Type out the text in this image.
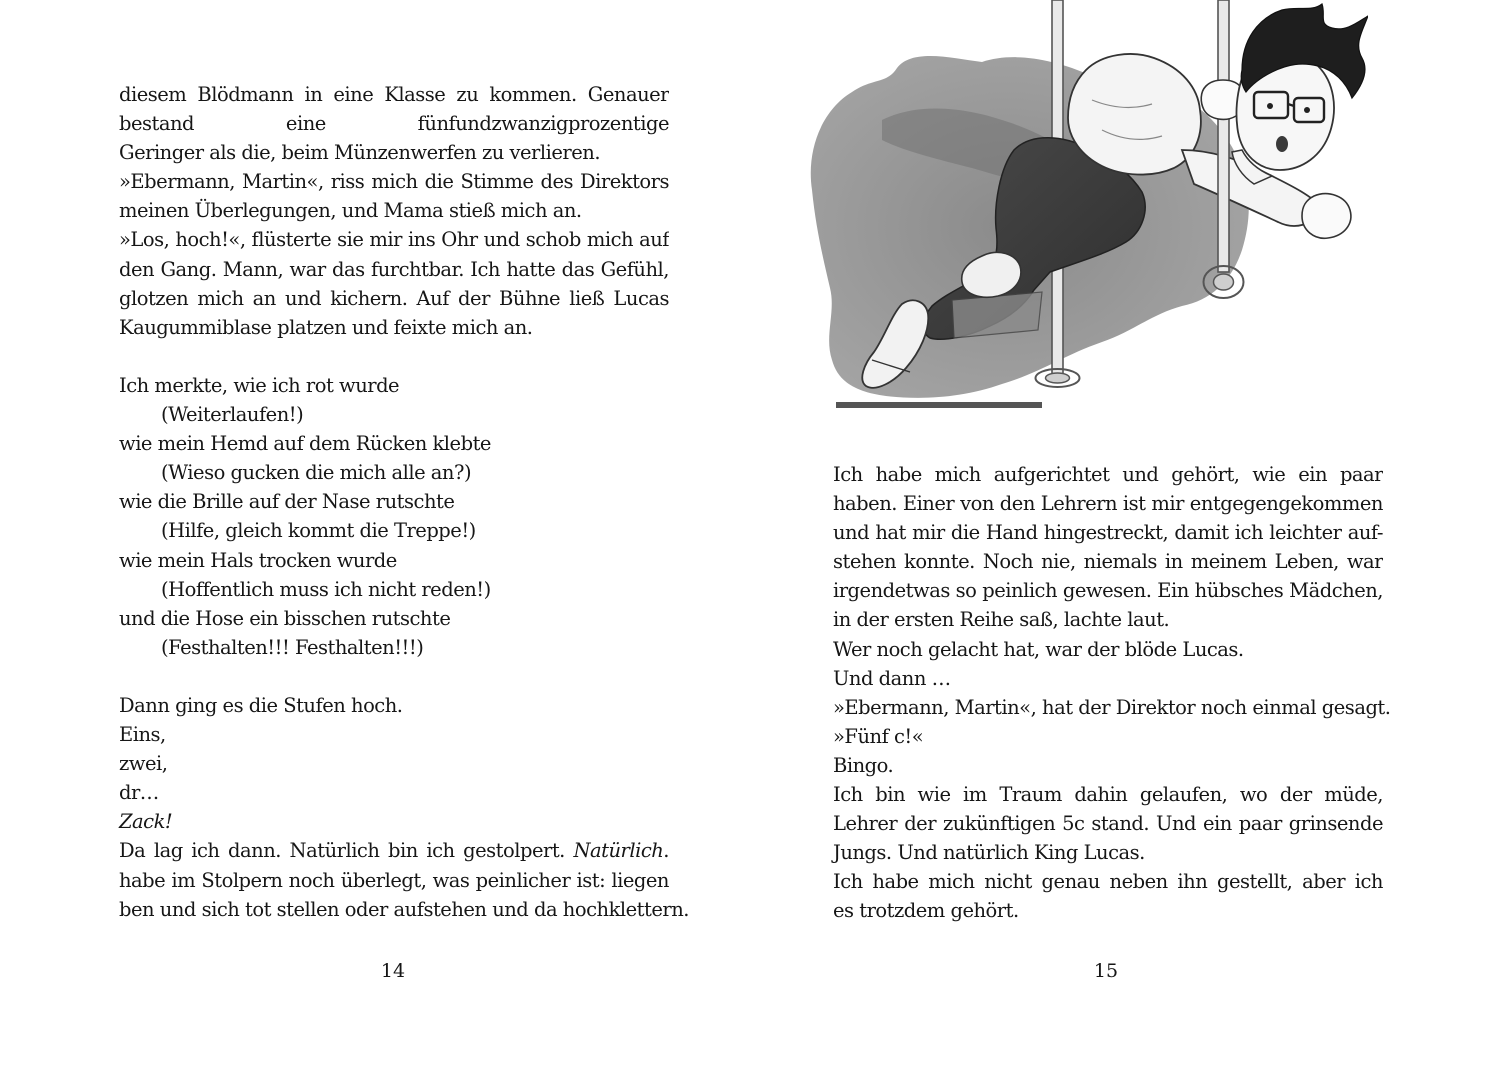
diesem Blödmann in eine Klasse zu kommen. Genauer
bestand eine fünfundzwanzigprozentige
Geringer als die, beim Münzenwerfen zu verlieren.
»Ebermann, Martin«, riss mich die Stimme des Direktors
meinen Überlegungen, und Mama stieß mich an.
»Los, hoch!«, flüsterte sie mir ins Ohr und schob mich auf
den Gang. Mann, war das furchtbar. Ich hatte das Gefühl,
glotzen mich an und kichern. Auf der Bühne ließ Lucas
Kaugummiblase platzen und feixte mich an.
Ich merkte, wie ich rot wurde
(Weiterlaufen!)
wie mein Hemd auf dem Rücken klebte
(Wieso gucken die mich alle an?)
wie die Brille auf der Nase rutschte
(Hilfe, gleich kommt die Treppe!)
wie mein Hals trocken wurde
(Hoffentlich muss ich nicht reden!)
und die Hose ein bisschen rutschte
(Festhalten!!! Festhalten!!!)
Dann ging es die Stufen hoch.
Eins,
zwei,
dr…
Zack!
Da lag ich dann. Natürlich bin ich gestolpert. Natürlich.
habe im Stolpern noch überlegt, was peinlicher ist: liegen
ben und sich tot stellen oder aufstehen und da hochklettern.
14
Ich habe mich aufgerichtet und gehört, wie ein paar
haben. Einer von den Lehrern ist mir entgegengekommen
und hat mir die Hand hingestreckt, damit ich leichter auf-
stehen konnte. Noch nie, niemals in meinem Leben, war
irgendetwas so peinlich gewesen. Ein hübsches Mädchen,
in der ersten Reihe saß, lachte laut.
Wer noch gelacht hat, war der blöde Lucas.
Und dann …
»Ebermann, Martin«, hat der Direktor noch einmal gesagt.
»Fünf c!«
Bingo.
Ich bin wie im Traum dahin gelaufen, wo der müde,
Lehrer der zukünftigen 5c stand. Und ein paar grinsende
Jungs. Und natürlich King Lucas.
Ich habe mich nicht genau neben ihn gestellt, aber ich
es trotzdem gehört.
15
